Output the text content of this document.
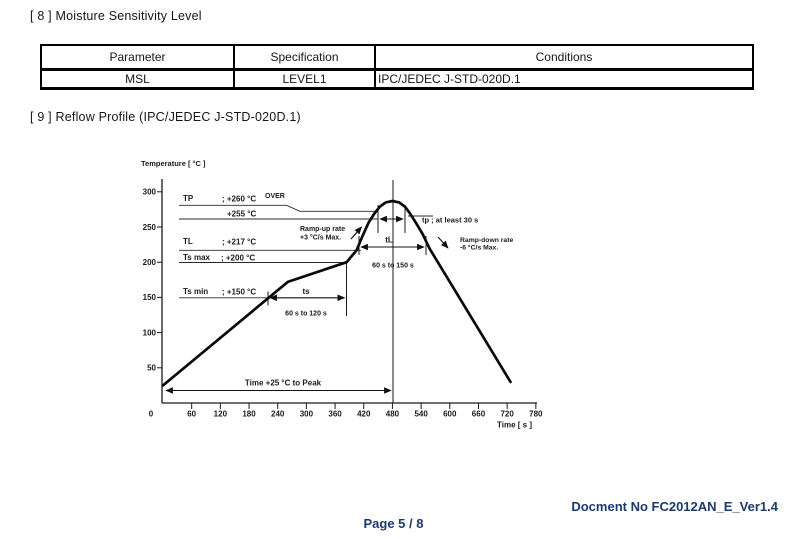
[ 8 ] Moisture Sensitivity Level
Parameter	Specification	Conditions
MSL	LEVEL1	IPC/JEDEC J-STD-020D.1
[ 9 ] Reflow Profile (IPC/JEDEC J-STD-020D.1)
50
100
150
200
250
300
0	60 120 180 240 300 360 420 480 540 600 660 720 780
Temperature [ °C ]
Time [ s ]
TP	; +260 °C OVER
+255 °C
TL	; +217 °C
Ts max ; +200 °C
Ts min ; +150 °C
tp ; at least 30 s
tL
60 s to 150 s
ts
60 s to 120 s
Ramp-up rate
+3 °C/s Max.	Ramp-down rate
-6 °C/s Max.
Time +25 °C to Peak
Docment No FC2012AN_E_Ver1.4
Page 5 / 8
